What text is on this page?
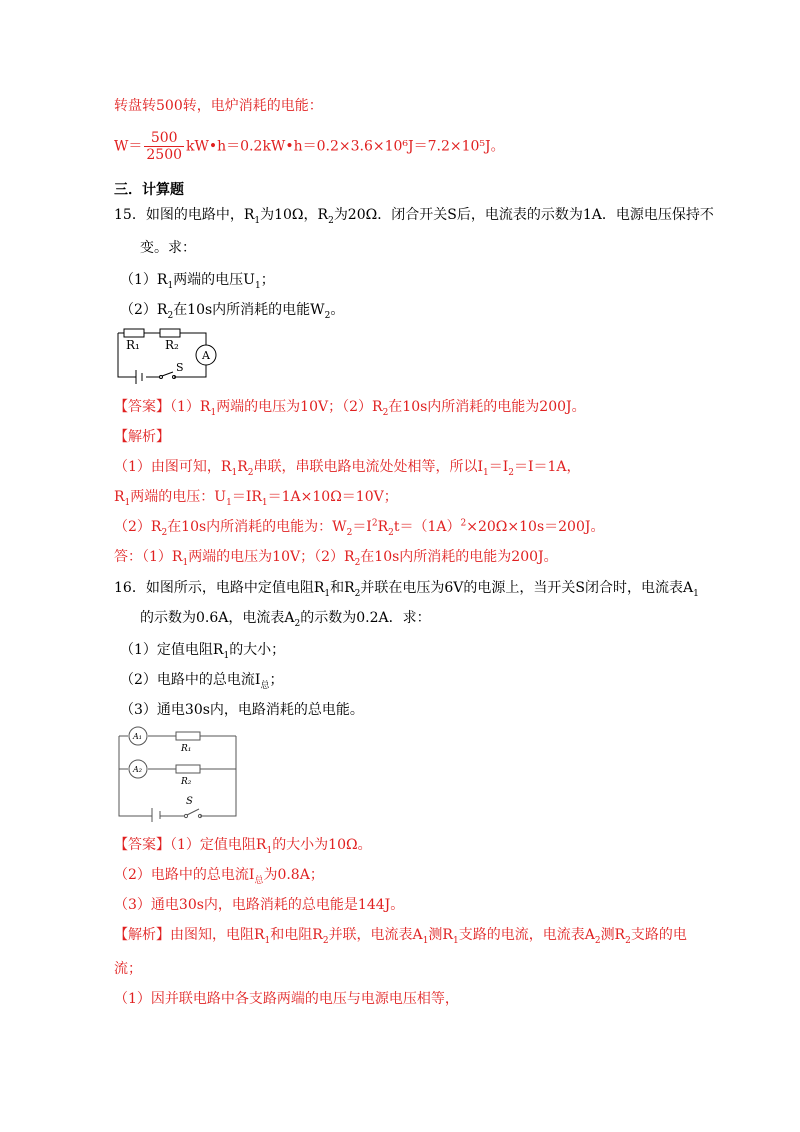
转盘转500转，电炉消耗的电能：
$W= \frac{500}{2500}$ kW•h＝0.2kW•h＝0.2×3.6×10⁶J＝7.2×10⁵J。
三．计算题
15．如图的电路中，$R_1$为10Ω，$R_2$为20Ω．闭合开关S后，电流表的示数为1A．电源电压保持不
变。求：
$(1)R_1$两端的电压$U_1$；
$(2)R_2$在10s内所消耗的电能$W_2$。
R₁ R₂
A
S
【答案】$(1)R_1$两端的电压为10V；$(2)R_2$在10s内所消耗的电能为200J。
【解析】
（1）由图可知，$R_1R_2$串联，串联电路电流处处相等，所以$I_1=I_2=I=1A$，
$R_1$两端的电压：$U_1=IR_1=1A\times 10\Omega=10V$；
$(2)R_2$在10s内所消耗的电能为：$W_2=I^2R_2t=(1A)^2\times 20\Omega\times 10s=200J$。
答：$(1)R_1$两端的电压为10V；$(2)R_2$在10s内所消耗的电能为200J。
16．如图所示，电路中定值电阻$R_1$和$R_2$并联在电压为6V的电源上，当开关S闭合时，电流表$A_1$
的示数为0.6A，电流表$A_2$的示数为0.2A．求：
（1）定值电阻$R_1$的大小；
（2）电路中的总电流$I_总$；
（3）通电30s内，电路消耗的总电能。
A₁
A₂
R₁
R₂
S
【答案】（1）定值电阻$R_1$的大小为10Ω。
（2）电路中的总电流$I_总$为0.8A；
（3）通电30s内，电路消耗的总电能是144J。
【解析】由图知，电阻$R_1$和电阻$R_2$并联，电流表$A_1$测$R_1$支路的电流，电流表$A_2$测$R_2$支路的电
流；
（1）因并联电路中各支路两端的电压与电源电压相等，
